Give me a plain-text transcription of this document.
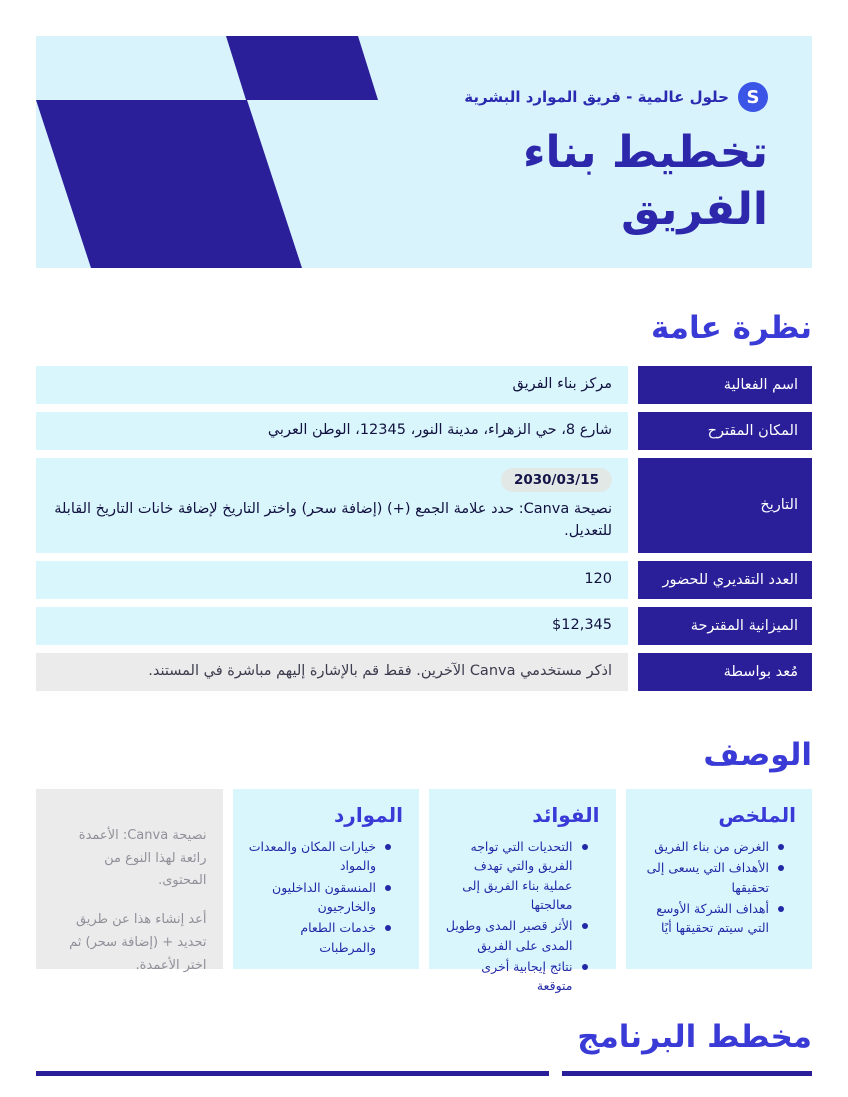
S
حلول عالمية - فريق الموارد البشرية
تخطيط بناء
الفريق
نظرة عامة
اسم الفعالية
مركز بناء الفريق
المكان المقترح
شارع 8، حي الزهراء، مدينة النور، 12345، الوطن العربي
التاريخ
2030/03/15
نصيحة Canva: حدد علامة الجمع (+) (إضافة سحر) واختر التاريخ لإضافة خانات التاريخ القابلة للتعديل.
العدد التقديري للحضور
120
الميزانية المقترحة
$12,345
مُعد بواسطة
اذكر مستخدمي Canva الآخرين. فقط قم بالإشارة إليهم مباشرة في المستند.
الوصف
الملخص
الغرض من بناء الفريق
الأهداف التي يسعى إلى تحقيقها
أهداف الشركة الأوسع التي سيتم تحقيقها أيًا
الفوائد
التحديات التي تواجه الفريق والتي تهدف عملية بناء الفريق إلى معالجتها
الأثر قصير المدى وطويل المدى على الفريق
نتائج إيجابية أخرى متوقعة
الموارد
خيارات المكان والمعدات والمواد
المنسقون الداخليون والخارجيون
خدمات الطعام والمرطبات

نصيحة Canva: الأعمدة رائعة لهذا النوع من المحتوى.

أعد إنشاء هذا عن طريق تحديد + (إضافة سحر) ثم اختر الأعمدة.

مخطط البرنامج
